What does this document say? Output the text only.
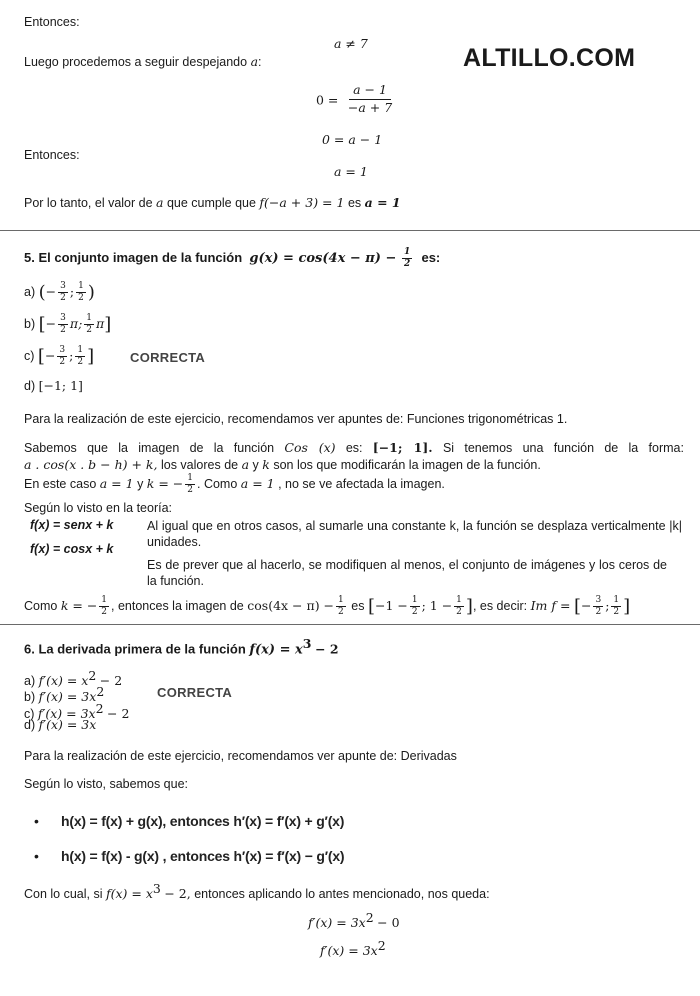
ALTILLO.COM
Entonces:
a ≠ 7
Luego procedemos a seguir despejando a:
$0 = \frac{a - 1}{-a + 7}$
0 = a − 1
Entonces:
a = 1
Por lo tanto, el valor de a que cumple que f(−a + 3) = 1 es a = 1
5. El conjunto imagen de la función $g(x) = \cos(4x - \pi) - \frac{1}{2}$ es:
a) (− $\frac{3}{2}$ ; $\frac{1}{2}$ )
b) [− $\frac{3}{2} \pi$; $\frac{1}{2} \pi$]
c) [− $\frac{3}{2}$ ; $\frac{1}{2}$ ]	CORRECTA
d) [−1; 1]
Para la realización de este ejercicio, recomendamos ver apuntes de: Funciones trigonométricas 1.
Sabemos que la imagen de la función Cos (x) es: [−1; 1]. Si tenemos una función de la forma:
a . cos(x . b − h) + k, los valores de a y k son los que modificarán la imagen de la función.
En este caso a = 1 y k = − $\frac{1}{2}$ . Como a = 1 , no se ve afectada la imagen.
Según lo visto en la teoría:
f(x) = senx + k
f(x) = cosx + k
Al igual que en otros casos, al sumarle una constante k, la función se desplaza verticalmente |k| unidades.
Es de prever que al hacerlo, se modifiquen al menos, el conjunto de imágenes y los ceros de la función.
Como k = − $\frac{1}{2}$ , entonces la imagen de $\cos(4x - \pi) - \frac{1}{2}$ es [$-1 - \frac{1}{2}$ ; $1 - \frac{1}{2}$ ], es decir: Im f = [− $\frac{3}{2}$ ; $\frac{1}{2}$ ]
6. La derivada primera de la función $f(x) = x^3 - 2$
a) $f'(x) = x^2 - 2$
b) $f'(x) = 3x^2$	CORRECTA
c) $f'(x) = 3x^2 - 2$
d) f′(x) = 3x
Para la realización de este ejercicio, recomendamos ver apunte de: Derivadas
Según lo visto, sabemos que:
• h(x) = f(x) + g(x), entonces h′(x) = f′(x) + g′(x)
• h(x) = f(x) - g(x) , entonces h′(x) = f′(x) − g′(x)
Con lo cual, si $f(x) = x^3 - 2$, entonces aplicando lo antes mencionado, nos queda:
$f'(x) = 3x^2 - 0$
$f'(x) = 3x^2$
